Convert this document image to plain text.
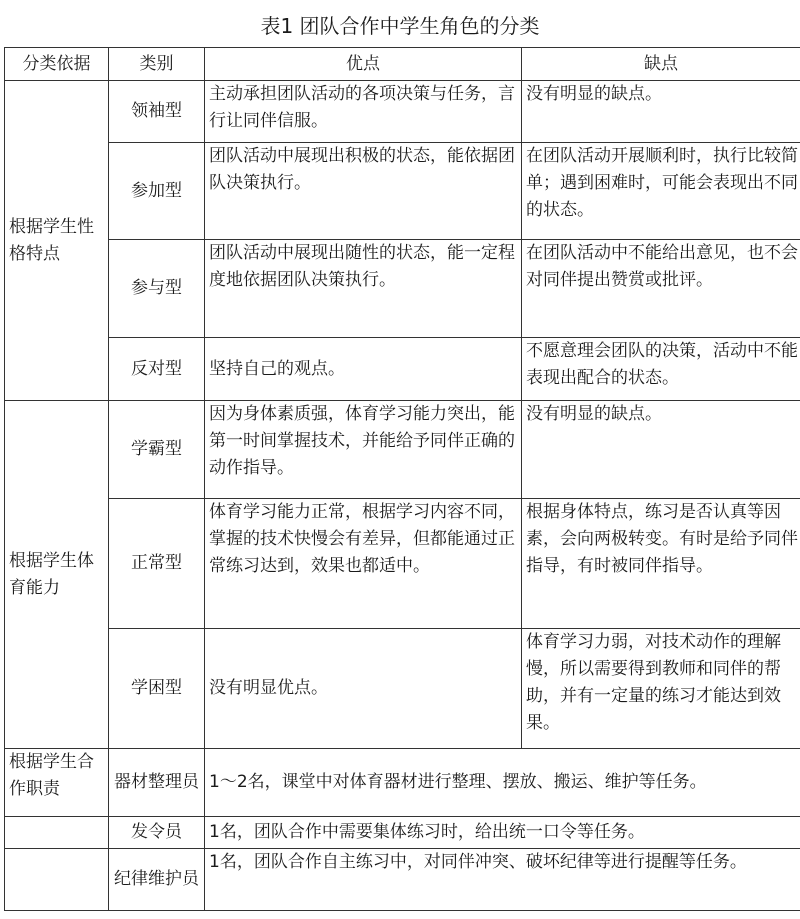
表1 团队合作中学生角色的分类
分类依据	类别	优点	缺点
根据学生性格特点	领袖型	主动承担团队活动的各项决策与任务，言行让同伴信服。	没有明显的缺点。
	参加型	团队活动中展现出积极的状态，能依据团队决策执行。	在团队活动开展顺利时，执行比较简单；遇到困难时，可能会表现出不同的状态。
	参与型	团队活动中展现出随性的状态，能一定程度地依据团队决策执行。	在团队活动中不能给出意见，也不会对同伴提出赞赏或批评。
	反对型	坚持自己的观点。	不愿意理会团队的决策，活动中不能表现出配合的状态。
根据学生体育能力	学霸型	因为身体素质强，体育学习能力突出，能第一时间掌握技术，并能给予同伴正确的动作指导。	没有明显的缺点。
	正常型	体育学习能力正常，根据学习内容不同，掌握的技术快慢会有差异，但都能通过正常练习达到，效果也都适中。	根据身体特点，练习是否认真等因素，会向两极转变。有时是给予同伴指导，有时被同伴指导。
	学困型	没有明显优点。	体育学习力弱，对技术动作的理解慢，所以需要得到教师和同伴的帮助，并有一定量的练习才能达到效果。
根据学生合作职责	器材整理员	1～2名，课堂中对体育器材进行整理、摆放、搬运、维护等任务。	
	发令员	1名，团队合作中需要集体练习时，给出统一口令等任务。	
	纪律维护员	1名，团队合作自主练习中，对同伴冲突、破坏纪律等进行提醒等任务。	
